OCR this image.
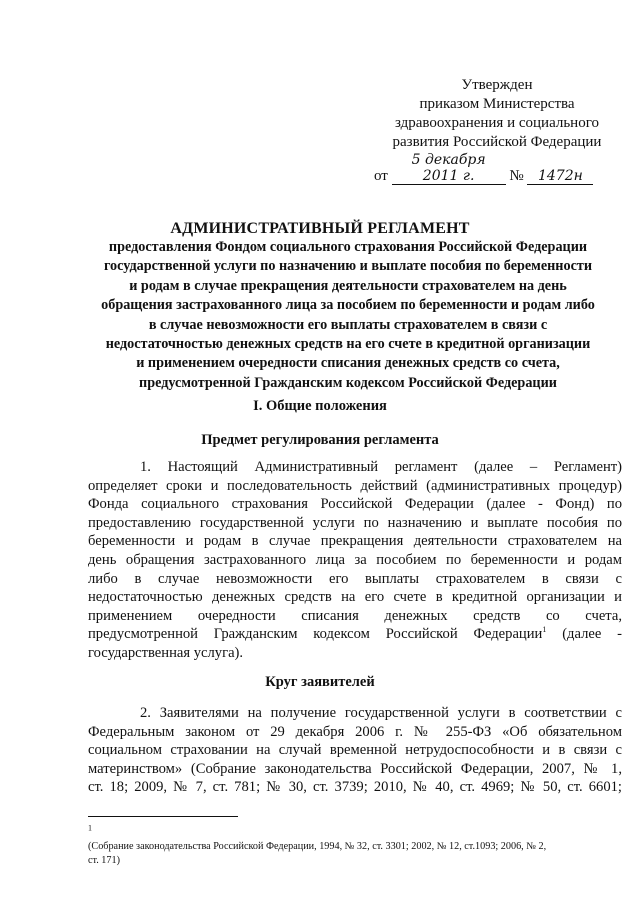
Утвержден
приказом Министерства
здравоохранения и социального
развития Российской Федерации
от 5 декабря 2011 г. № 1472н
АДМИНИСТРАТИВНЫЙ РЕГЛАМЕНТ
предоставления Фондом социального страхования Российской Федерации
государственной услуги по назначению и выплате пособия по беременности
и родам в случае прекращения деятельности страхователем на день
обращения застрахованного лица за пособием по беременности и родам либо
в случае невозможности его выплаты страхователем в связи с
недостаточностью денежных средств на его счете в кредитной организации
и применением очередности списания денежных средств со счета,
предусмотренной Гражданским кодексом Российской Федерации
I. Общие положения
Предмет регулирования регламента
1. Настоящий Административный регламент (далее – Регламент)
определяет сроки и последовательность действий (административных процедур)
Фонда социального страхования Российской Федерации (далее - Фонд) по
предоставлению государственной услуги по назначению и выплате пособия по
беременности и родам в случае прекращения деятельности страхователем на
день обращения застрахованного лица за пособием по беременности и родам
либо в случае невозможности его выплаты страхователем в связи с
недостаточностью денежных средств на его счете в кредитной организации и
применением очередности списания денежных средств со счета,
предусмотренной Гражданским кодексом Российской Федерации$^1$ (далее -
государственная услуга).
Круг заявителей
2. Заявителями на получение государственной услуги в соответствии с
Федеральным законом от 29 декабря 2006 г. № 255-ФЗ «Об обязательном
социальном страховании на случай временной нетрудоспособности и в связи с
материнством» (Собрание законодательства Российской Федерации, 2007, № 1,
ст. 18; 2009, № 7, ст. 781; № 30, ст. 3739; 2010, № 40, ст. 4969; № 50, ст. 6601;
$^1$
(Собрание законодательства Российской Федерации, 1994, № 32, ст. 3301; 2002, № 12, ст.1093; 2006, № 2,
ст. 171)
